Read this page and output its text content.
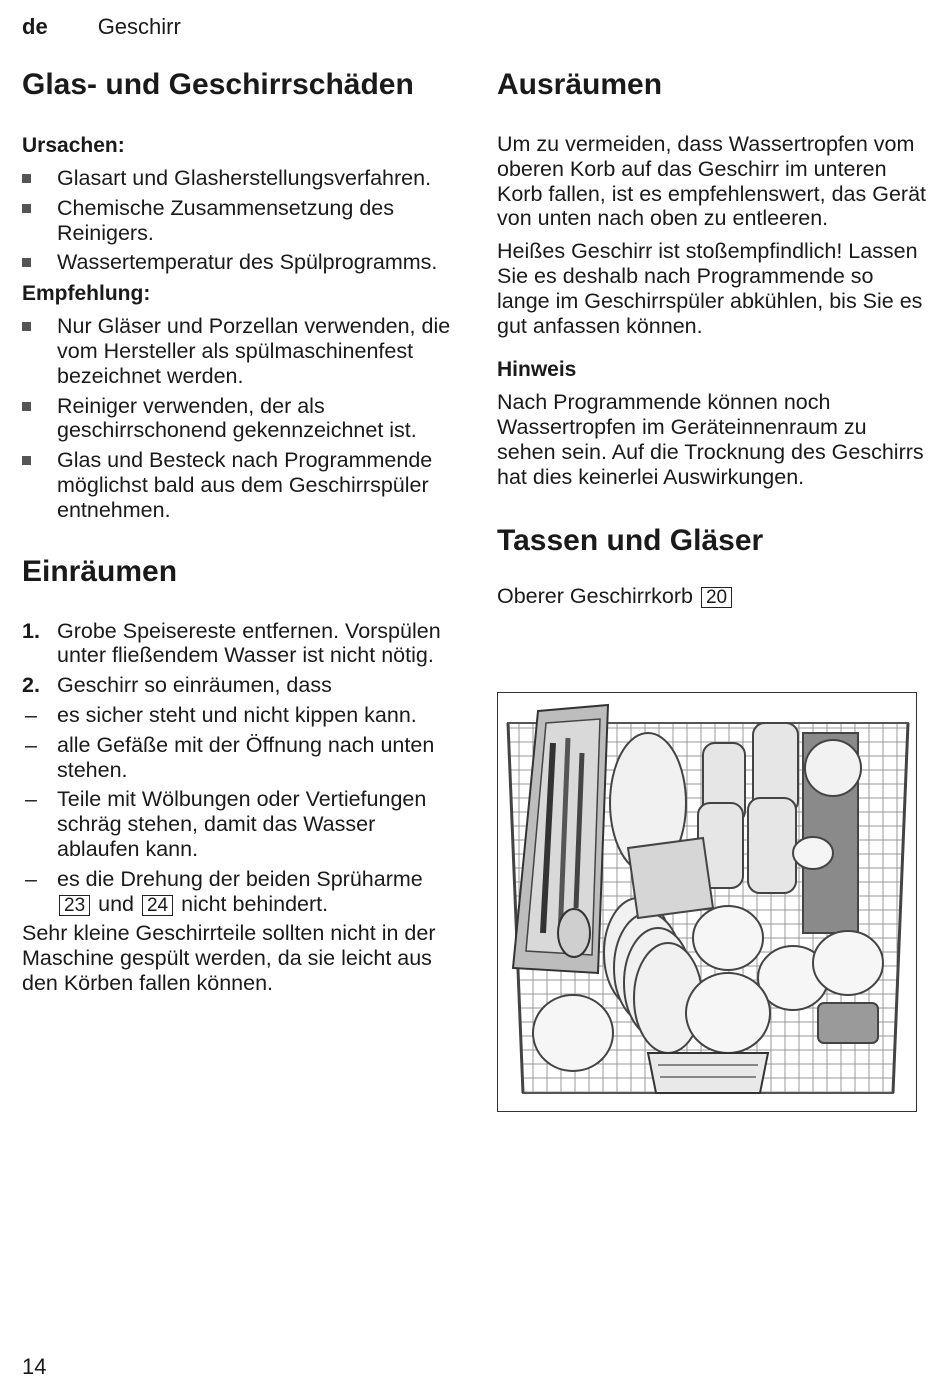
de Geschirr
Glas- und Geschirrschäden
Ursachen:
Glasart und Glasherstellungsverfahren.
Chemische Zusammensetzung des Reinigers.
Wassertemperatur des Spülprogramms.
Empfehlung:
Nur Gläser und Porzellan verwenden, die vom Hersteller als spülmaschinenfest bezeichnet werden.
Reiniger verwenden, der als geschirrschonend gekennzeichnet ist.
Glas und Besteck nach Programmende möglichst bald aus dem Geschirrspüler entnehmen.
Einräumen
1. Grobe Speisereste entfernen. Vorspülen unter fließendem Wasser ist nicht nötig.
2. Geschirr so einräumen, dass
– es sicher steht und nicht kippen kann.
– alle Gefäße mit der Öffnung nach unten stehen.
– Teile mit Wölbungen oder Vertiefungen schräg stehen, damit das Wasser ablaufen kann.
– es die Drehung der beiden Sprüharme 23 und 24 nicht behindert.

Sehr kleine Geschirrteile sollten nicht in der Maschine gespült werden, da sie leicht aus den Körben fallen können.

Ausräumen

Um zu vermeiden, dass Wassertropfen vom oberen Korb auf das Geschirr im unteren Korb fallen, ist es empfehlenswert, das Gerät von unten nach oben zu entleeren.

Heißes Geschirr ist stoßempfindlich! Lassen Sie es deshalb nach Programmende so lange im Geschirrspüler abkühlen, bis Sie es gut anfassen können.

Hinweis

Nach Programmende können noch Wassertropfen im Geräteinnenraum zu sehen sein. Auf die Trocknung des Geschirrs hat dies keinerlei Auswirkungen.

Tassen und Gläser

Oberer Geschirrkorb 20

14
